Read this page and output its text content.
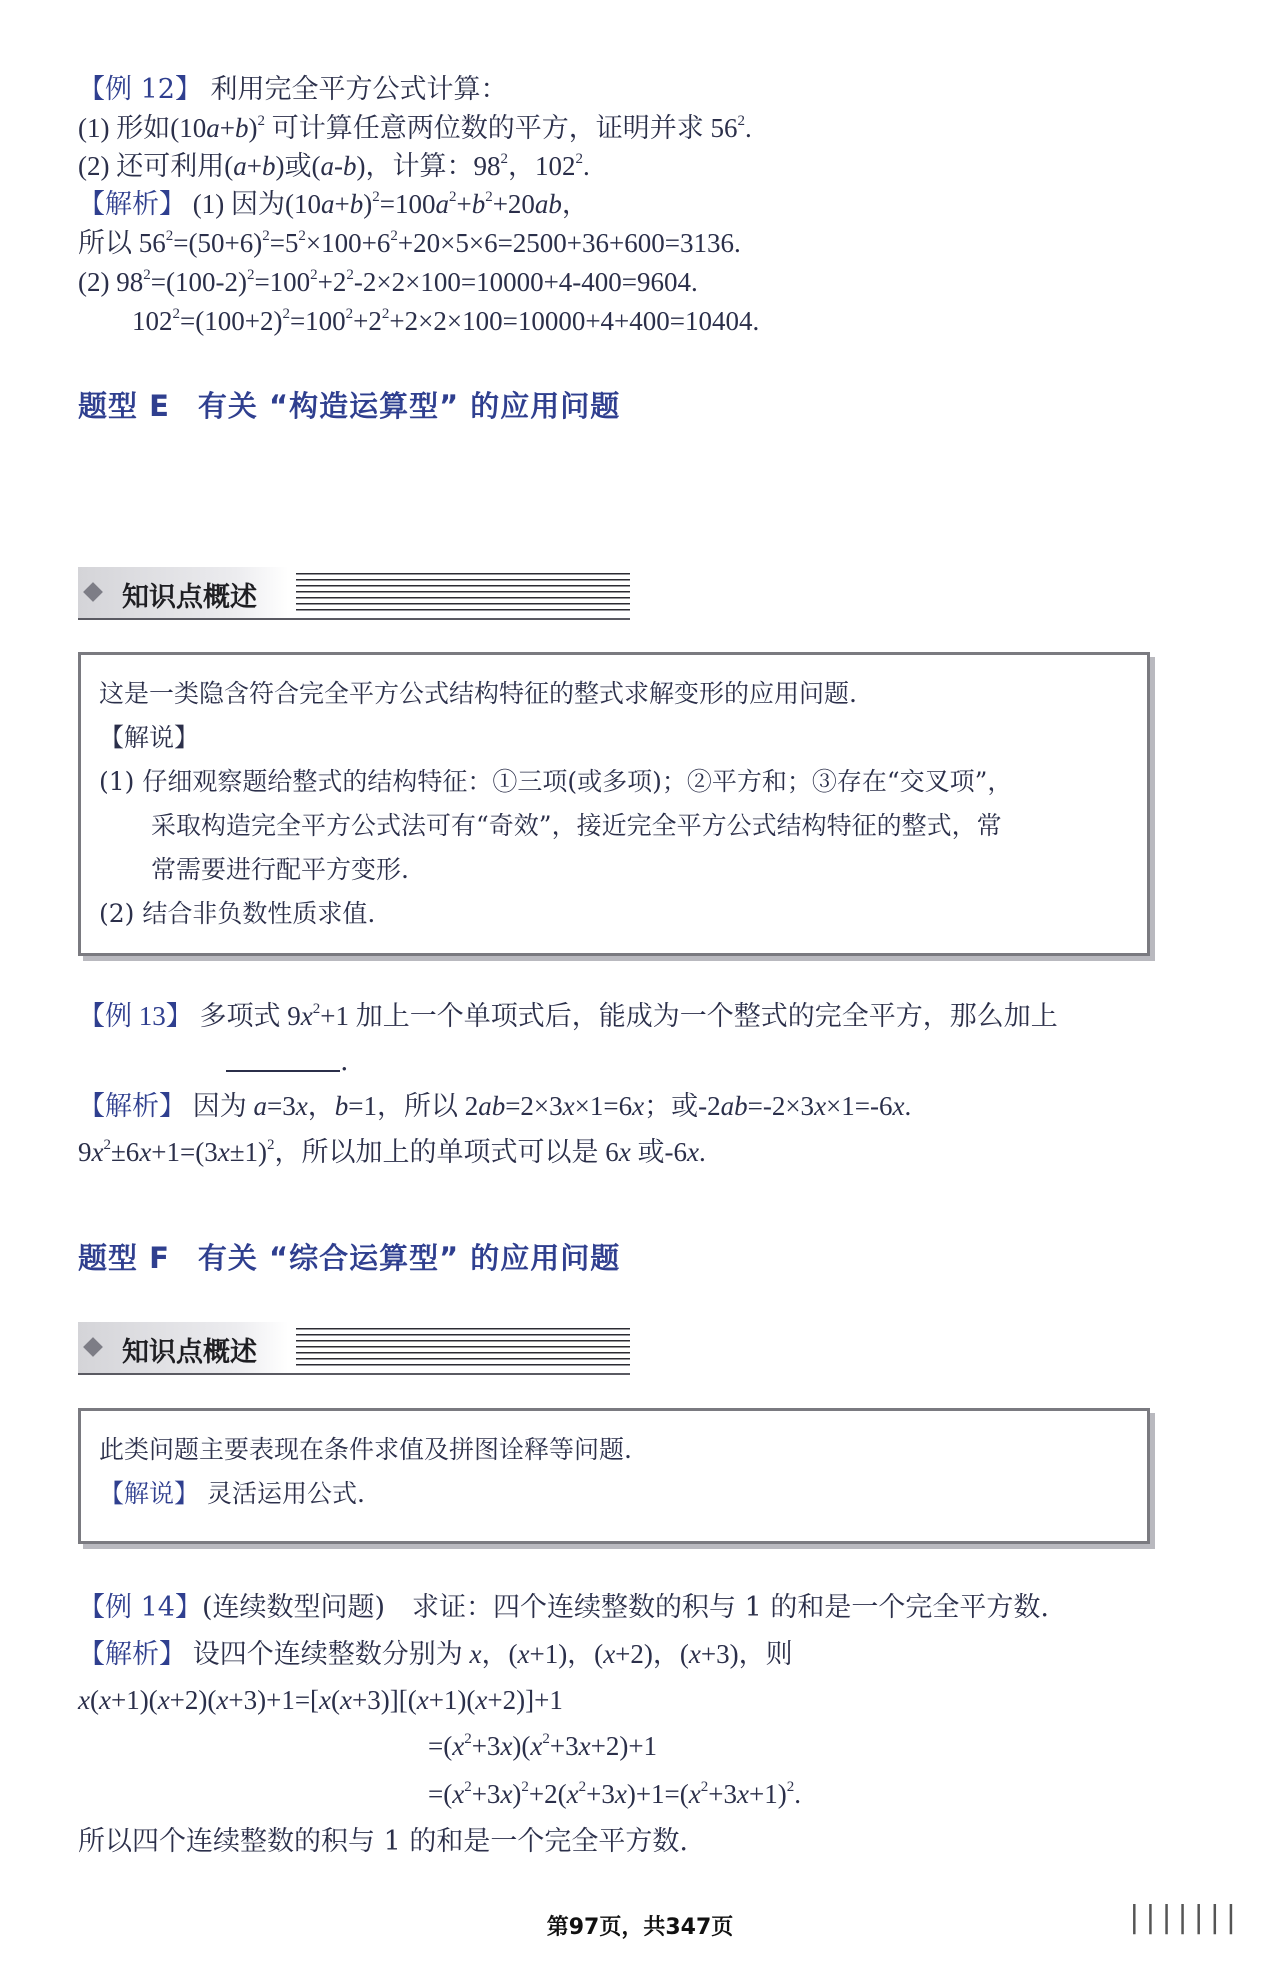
【例 12】 利用完全平方公式计算：
(1) 形如$(10a+b)^2$ 可计算任意两位数的平方，证明并求 $56^2$.
(2) 还可利用(a+b)或(a-b)，计算：$98^2$，$102^2$.
【解析】 (1) 因为$(10a+b)^2=100a^2+b^2+20ab$，
所以 $56^2=(50+6)^2=5^2\times 100+6^2+20\times 5\times 6=2500+36+600=3136$.
(2) $98^2=(100-2)^2=100^2+2^2-2\times 2\times 100=10000+4-400=9604$.
$102^2=(100+2)^2=100^2+2^2+2\times 2\times 100=10000+4+400=10404$.
题型 E 有关 “构造运算型” 的应用问题
知识点概述
这是一类隐含符合完全平方公式结构特征的整式求解变形的应用问题.
【解说】
(1) 仔细观察题给整式的结构特征：①三项(或多项)；②平方和；③存在“交叉项”，
采取构造完全平方公式法可有“奇效”，接近完全平方公式结构特征的整式，常
常需要进行配平方变形.
(2) 结合非负数性质求值.
【例 13】 多项式 $9x^2+1$ 加上一个单项式后，能成为一个整式的完全平方，那么加上
.
【解析】 因为 a=3x，b=1，所以 2ab=2×3x×1=6x；或-2ab=-2×3x×1=-6x.
$9x^2\pm 6x+1=(3x\pm 1)^2$，所以加上的单项式可以是 6x 或-6x.
题型 F 有关 “综合运算型” 的应用问题
知识点概述
此类问题主要表现在条件求值及拼图诠释等问题.
【解说】 灵活运用公式.
【例 14】(连续数型问题)　求证：四个连续整数的积与 1 的和是一个完全平方数.
【解析】 设四个连续整数分别为 x，(x+1)，(x+2)，(x+3)，则
x(x+1)(x+2)(x+3)+1=[x(x+3)][(x+1)(x+2)]+1
$=(x^2+3x)(x^2+3x+2)+1$
$=(x^2+3x)^2+2(x^2+3x)+1=(x^2+3x+1)^2$.
所以四个连续整数的积与 1 的和是一个完全平方数.
第97页，共347页	|||||||
